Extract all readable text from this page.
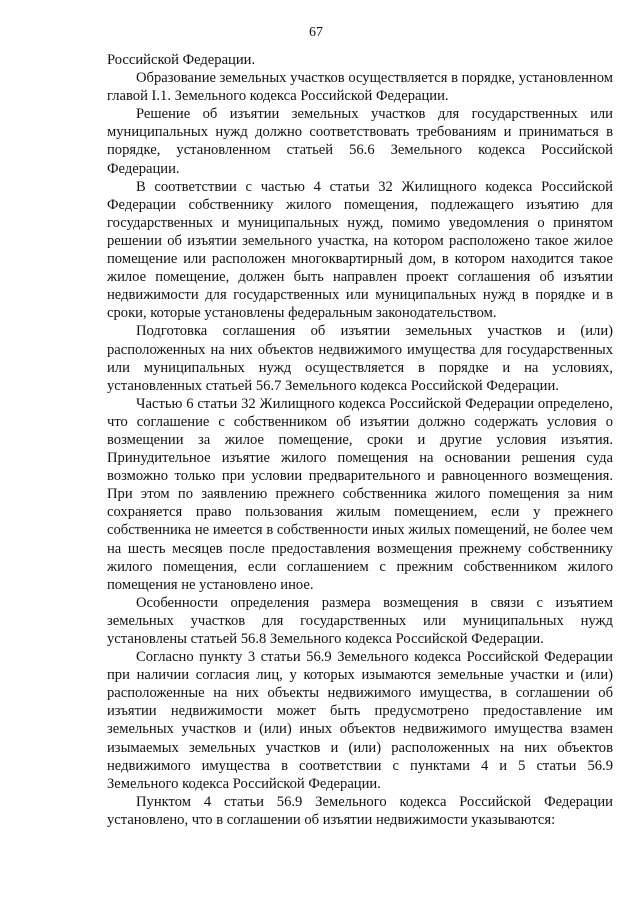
67

Российской Федерации.

Образование земельных участков осуществляется в порядке, установленном главой I.1. Земельного кодекса Российской Федерации.

Решение об изъятии земельных участков для государственных или муниципальных нужд должно соответствовать требованиям и приниматься в порядке, установленном статьей 56.6 Земельного кодекса Российской Федерации.

В соответствии с частью 4 статьи 32 Жилищного кодекса Российской Федерации собственнику жилого помещения, подлежащего изъятию для государственных и муниципальных нужд, помимо уведомления о принятом решении об изъятии земельного участка, на котором расположено такое жилое помещение или расположен многоквартирный дом, в котором находится такое жилое помещение, должен быть направлен проект соглашения об изъятии недвижимости для государственных или муниципальных нужд в порядке и в сроки, которые установлены федеральным законодательством.

Подготовка соглашения об изъятии земельных участков и (или) расположенных на них объектов недвижимого имущества для государственных или муниципальных нужд осуществляется в порядке и на условиях, установленных статьей 56.7 Земельного кодекса Российской Федерации.

Частью 6 статьи 32 Жилищного кодекса Российской Федерации определено, что соглашение с собственником об изъятии должно содержать условия о возмещении за жилое помещение, сроки и другие условия изъятия. Принудительное изъятие жилого помещения на основании решения суда возможно только при условии предварительного и равноценного возмещения. При этом по заявлению прежнего собственника жилого помещения за ним сохраняется право пользования жилым помещением, если у прежнего собственника не имеется в собственности иных жилых помещений, не более чем на шесть месяцев после предоставления возмещения прежнему собственнику жилого помещения, если соглашением с прежним собственником жилого помещения не установлено иное.

Особенности определения размера возмещения в связи с изъятием земельных участков для государственных или муниципальных нужд установлены статьей 56.8 Земельного кодекса Российской Федерации.

Согласно пункту 3 статьи 56.9 Земельного кодекса Российской Федерации при наличии согласия лиц, у которых изымаются земельные участки и (или) расположенные на них объекты недвижимого имущества, в соглашении об изъятии недвижимости может быть предусмотрено предоставление им земельных участков и (или) иных объектов недвижимого имущества взамен изымаемых земельных участков и (или) расположенных на них объектов недвижимого имущества в соответствии с пунктами 4 и 5 статьи 56.9 Земельного кодекса Российской Федерации.

Пунктом 4 статьи 56.9 Земельного кодекса Российской Федерации установлено, что в соглашении об изъятии недвижимости указываются:
